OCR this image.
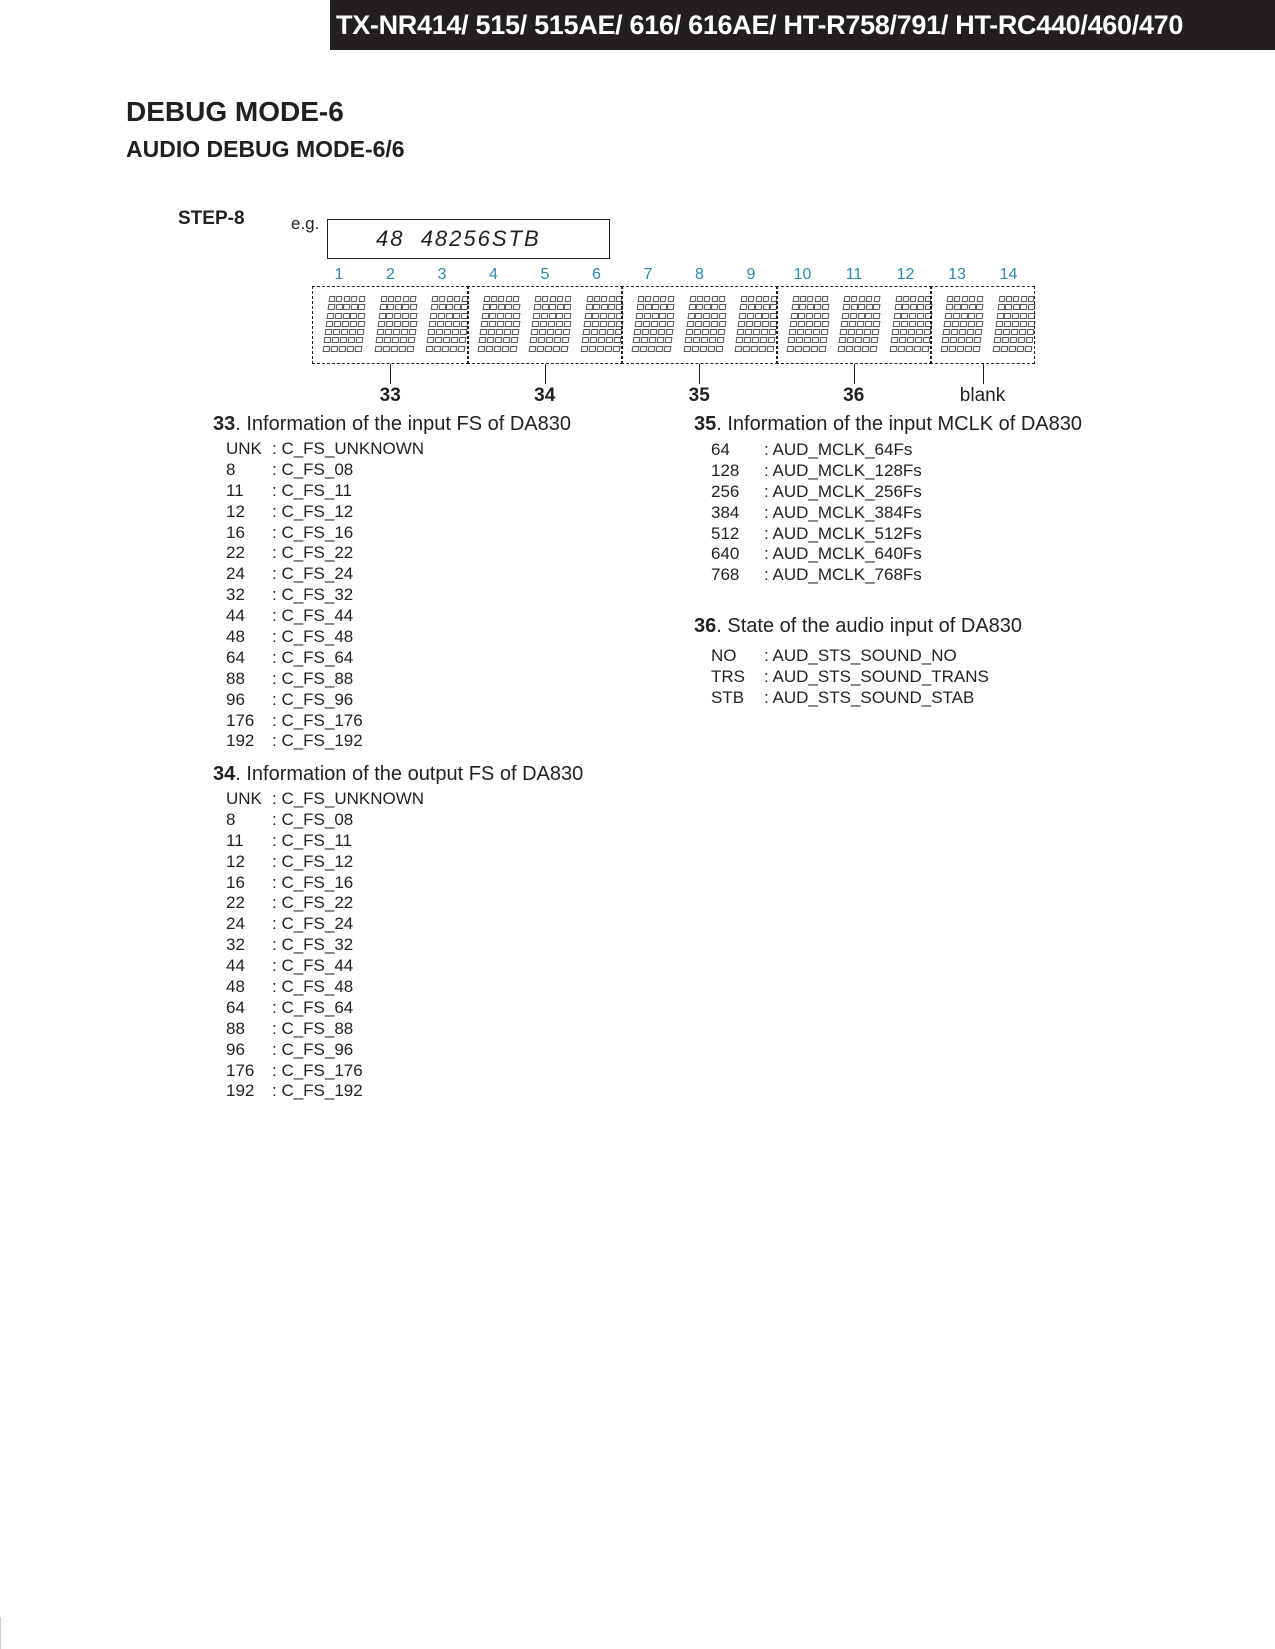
TX-NR414/ 515/ 515AE/ 616/ 616AE/ HT-R758/791/ HT-RC440/460/470
DEBUG MODE-6
AUDIO DEBUG MODE-6/6
STEP-8	e.g.
48  48256STB
1	2	3	4	5	6	7	8	9	10	11	12	13	14
33	34	35	36	blank
33. Information of the input FS of DA830
UNK : C_FS_UNKNOWN
8 : C_FS_08
11 : C_FS_11
12 : C_FS_12
16 : C_FS_16
22 : C_FS_22
24 : C_FS_24
32 : C_FS_32
44 : C_FS_44
48 : C_FS_48
64 : C_FS_64
88 : C_FS_88
96 : C_FS_96
176 : C_FS_176
192 : C_FS_192
34. Information of the output FS of DA830
UNK : C_FS_UNKNOWN
8 : C_FS_08
11 : C_FS_11
12 : C_FS_12
16 : C_FS_16
22 : C_FS_22
24 : C_FS_24
32 : C_FS_32
44 : C_FS_44
48 : C_FS_48
64 : C_FS_64
88 : C_FS_88
96 : C_FS_96
176 : C_FS_176
192 : C_FS_192
35. Information of the input MCLK of DA830
64 : AUD_MCLK_64Fs
128 : AUD_MCLK_128Fs
256 : AUD_MCLK_256Fs
384 : AUD_MCLK_384Fs
512 : AUD_MCLK_512Fs
640 : AUD_MCLK_640Fs
768 : AUD_MCLK_768Fs
36. State of the audio input of DA830
NO : AUD_STS_SOUND_NO
TRS : AUD_STS_SOUND_TRANS
STB : AUD_STS_SOUND_STAB
